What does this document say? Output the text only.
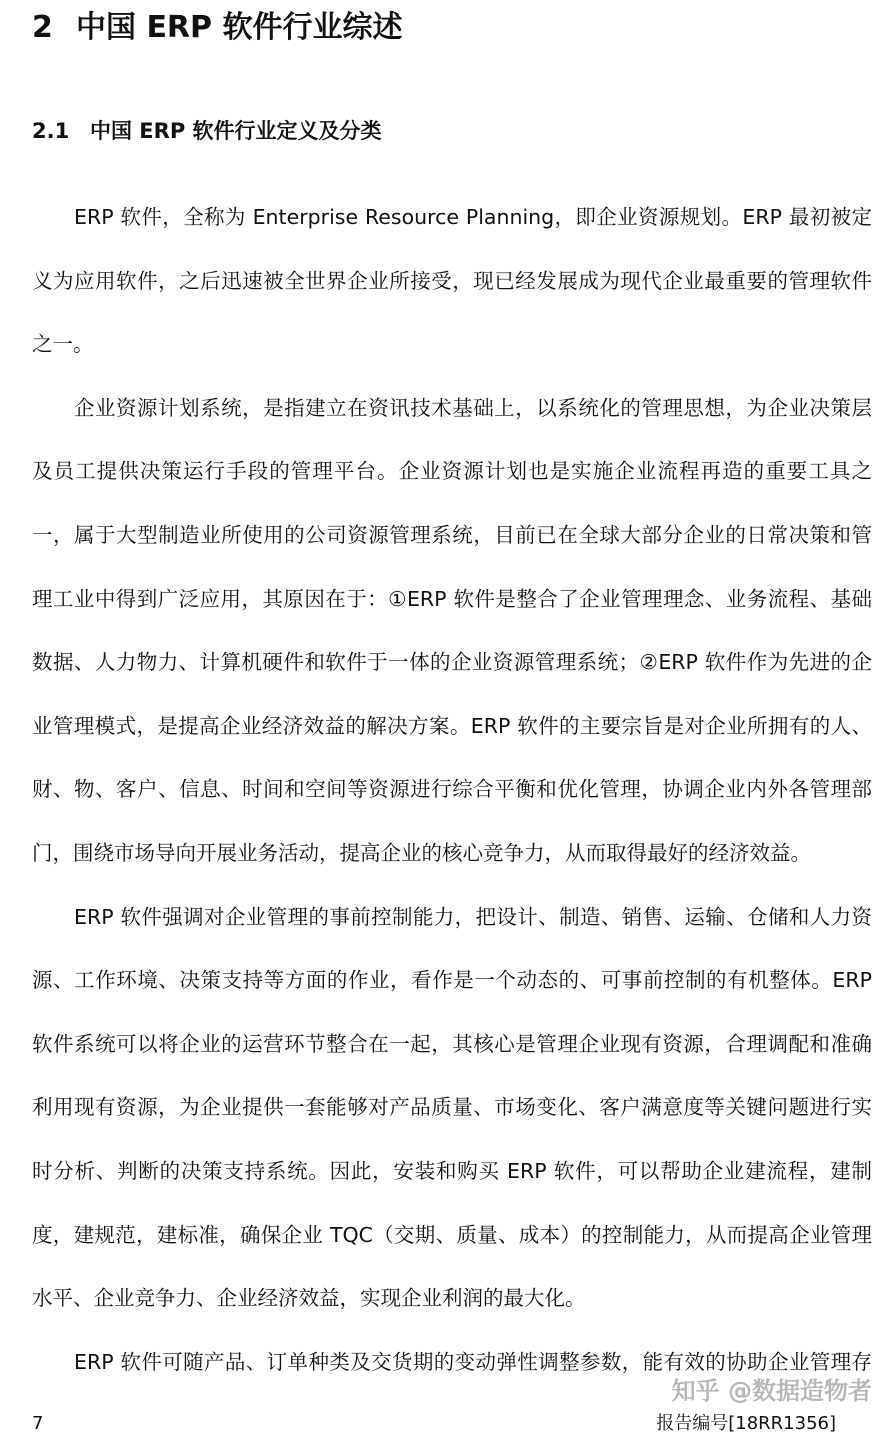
2 中国 ERP 软件行业综述
2.1 中国 ERP 软件行业定义及分类
ERP 软件，全称为 Enterprise Resource Planning，即企业资源规划。ERP 最初被定
义为应用软件，之后迅速被全世界企业所接受，现已经发展成为现代企业最重要的管理软件
之一。
企业资源计划系统，是指建立在资讯技术基础上，以系统化的管理思想，为企业决策层
及员工提供决策运行手段的管理平台。企业资源计划也是实施企业流程再造的重要工具之
一，属于大型制造业所使用的公司资源管理系统，目前已在全球大部分企业的日常决策和管
理工业中得到广泛应用，其原因在于：①ERP 软件是整合了企业管理理念、业务流程、基础
数据、人力物力、计算机硬件和软件于一体的企业资源管理系统；②ERP 软件作为先进的企
业管理模式，是提高企业经济效益的解决方案。ERP 软件的主要宗旨是对企业所拥有的人、
财、物、客户、信息、时间和空间等资源进行综合平衡和优化管理，协调企业内外各管理部
门，围绕市场导向开展业务活动，提高企业的核心竞争力，从而取得最好的经济效益。
ERP 软件强调对企业管理的事前控制能力，把设计、制造、销售、运输、仓储和人力资
源、工作环境、决策支持等方面的作业，看作是一个动态的、可事前控制的有机整体。ERP
软件系统可以将企业的运营环节整合在一起，其核心是管理企业现有资源，合理调配和准确
利用现有资源，为企业提供一套能够对产品质量、市场变化、客户满意度等关键问题进行实
时分析、判断的决策支持系统。因此，安装和购买 ERP 软件，可以帮助企业建流程，建制
度，建规范，建标准，确保企业 TQC（交期、质量、成本）的控制能力，从而提高企业管理
水平、企业竞争力、企业经济效益，实现企业利润的最大化。
ERP 软件可随产品、订单种类及交货期的变动弹性调整参数，能有效的协助企业管理存
知乎 @数据造物者
7	报告编号[18RR1356]
